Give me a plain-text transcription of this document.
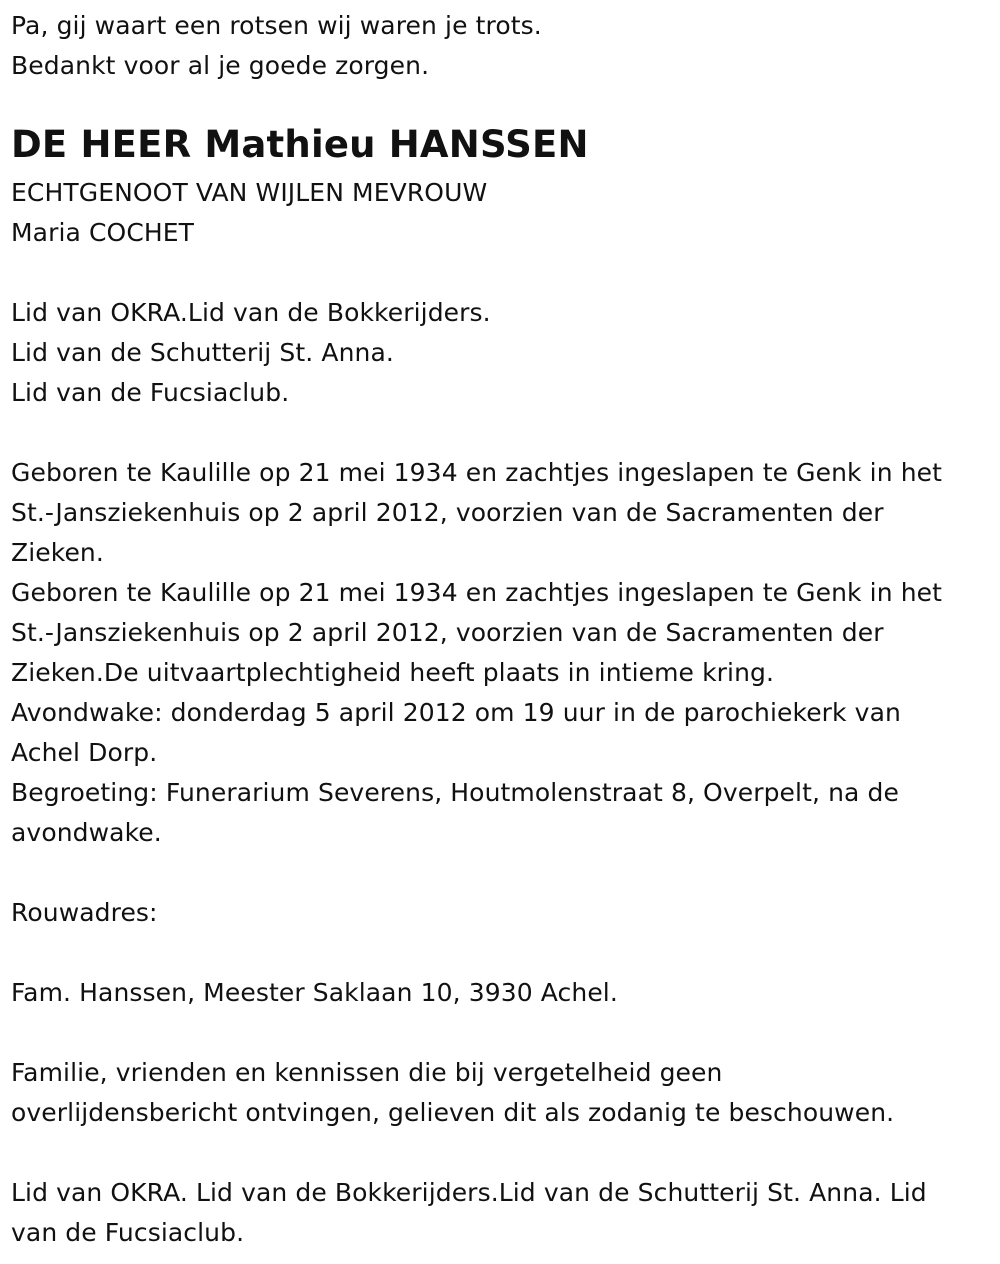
Pa, gij waart een rotsen wij waren je trots.
Bedankt voor al je goede zorgen.
DE HEER Mathieu HANSSEN
ECHTGENOOT VAN WIJLEN MEVROUW
Maria COCHET
Lid van OKRA.Lid van de Bokkerijders.
Lid van de Schutterij St. Anna.
Lid van de Fucsiaclub.
Geboren te Kaulille op 21 mei 1934 en zachtjes ingeslapen te Genk in het
St.-Jansziekenhuis op 2 april 2012, voorzien van de Sacramenten der
Zieken.
Geboren te Kaulille op 21 mei 1934 en zachtjes ingeslapen te Genk in het
St.-Jansziekenhuis op 2 april 2012, voorzien van de Sacramenten der
Zieken.De uitvaartplechtigheid heeft plaats in intieme kring.
Avondwake: donderdag 5 april 2012 om 19 uur in de parochiekerk van
Achel Dorp.
Begroeting: Funerarium Severens, Houtmolenstraat 8, Overpelt, na de
avondwake.
Rouwadres:
Fam. Hanssen, Meester Saklaan 10, 3930 Achel.
Familie, vrienden en kennissen die bij vergetelheid geen
overlijdensbericht ontvingen, gelieven dit als zodanig te beschouwen.
Lid van OKRA. Lid van de Bokkerijders.Lid van de Schutterij St. Anna. Lid
van de Fucsiaclub.
